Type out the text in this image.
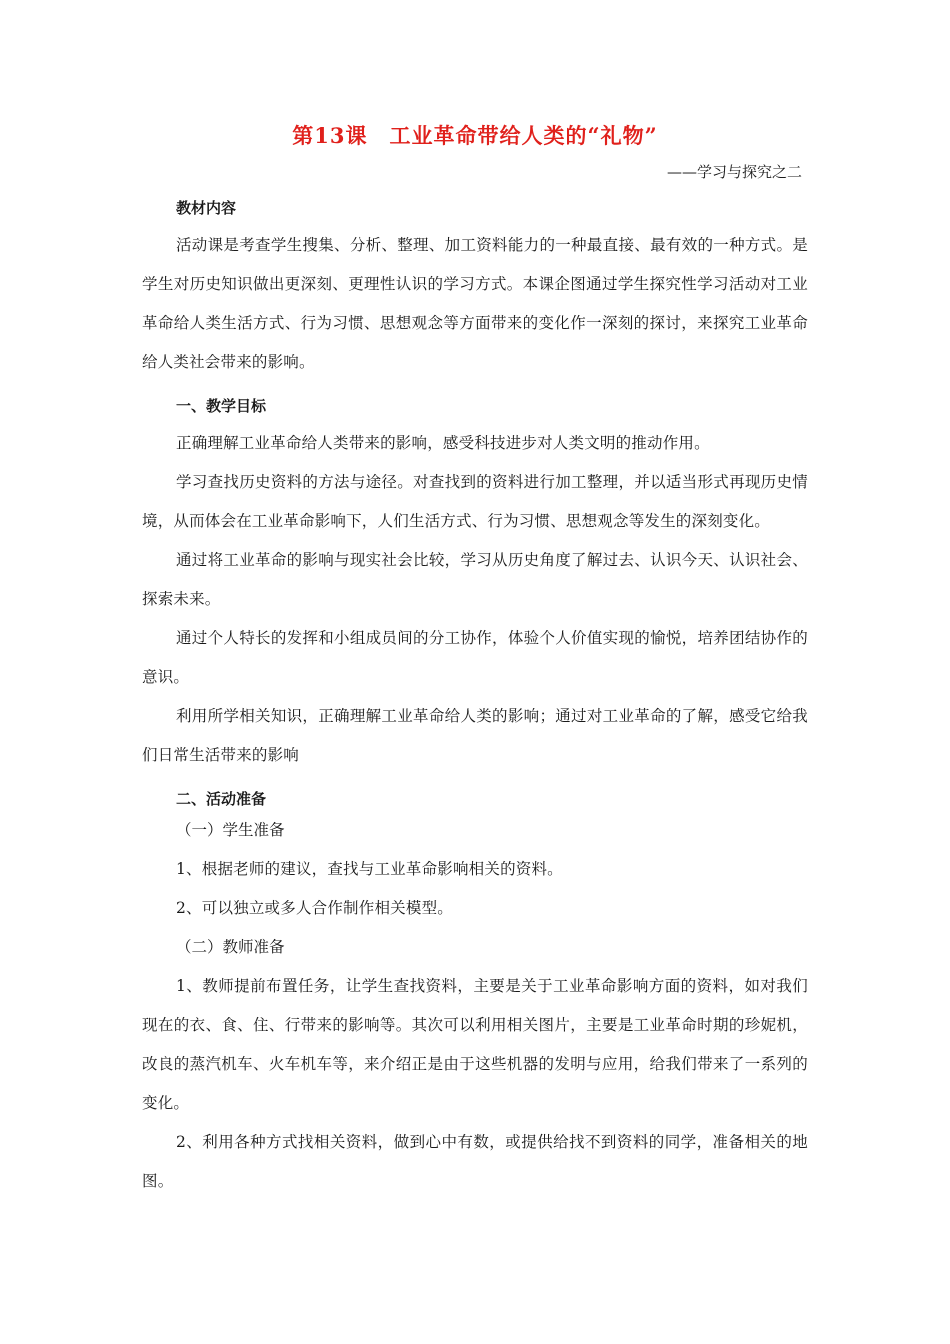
第13课　工业革命带给人类的“礼物”
——学习与探究之二
教材内容

活动课是考查学生搜集、分析、整理、加工资料能力的一种最直接、最有效的一种方式。是学生对历史知识做出更深刻、更理性认识的学习方式。本课企图通过学生探究性学习活动对工业革命给人类生活方式、行为习惯、思想观念等方面带来的变化作一深刻的探讨，来探究工业革命给人类社会带来的影响。

一、教学目标

正确理解工业革命给人类带来的影响，感受科技进步对人类文明的推动作用。

学习查找历史资料的方法与途径。对查找到的资料进行加工整理，并以适当形式再现历史情境，从而体会在工业革命影响下，人们生活方式、行为习惯、思想观念等发生的深刻变化。

通过将工业革命的影响与现实社会比较，学习从历史角度了解过去、认识今天、认识社会、探索未来。

通过个人特长的发挥和小组成员间的分工协作，体验个人价值实现的愉悦，培养团结协作的意识。

利用所学相关知识，正确理解工业革命给人类的影响；通过对工业革命的了解，感受它给我们日常生活带来的影响

二、活动准备
（一）学生准备

1、根据老师的建议，查找与工业革命影响相关的资料。

2、可以独立或多人合作制作相关模型。

（二）教师准备

1、教师提前布置任务，让学生查找资料，主要是关于工业革命影响方面的资料，如对我们现在的衣、食、住、行带来的影响等。其次可以利用相关图片，主要是工业革命时期的珍妮机，改良的蒸汽机车、火车机车等，来介绍正是由于这些机器的发明与应用，给我们带来了一系列的变化。

2、利用各种方式找相关资料，做到心中有数，或提供给找不到资料的同学，准备相关的地图。
